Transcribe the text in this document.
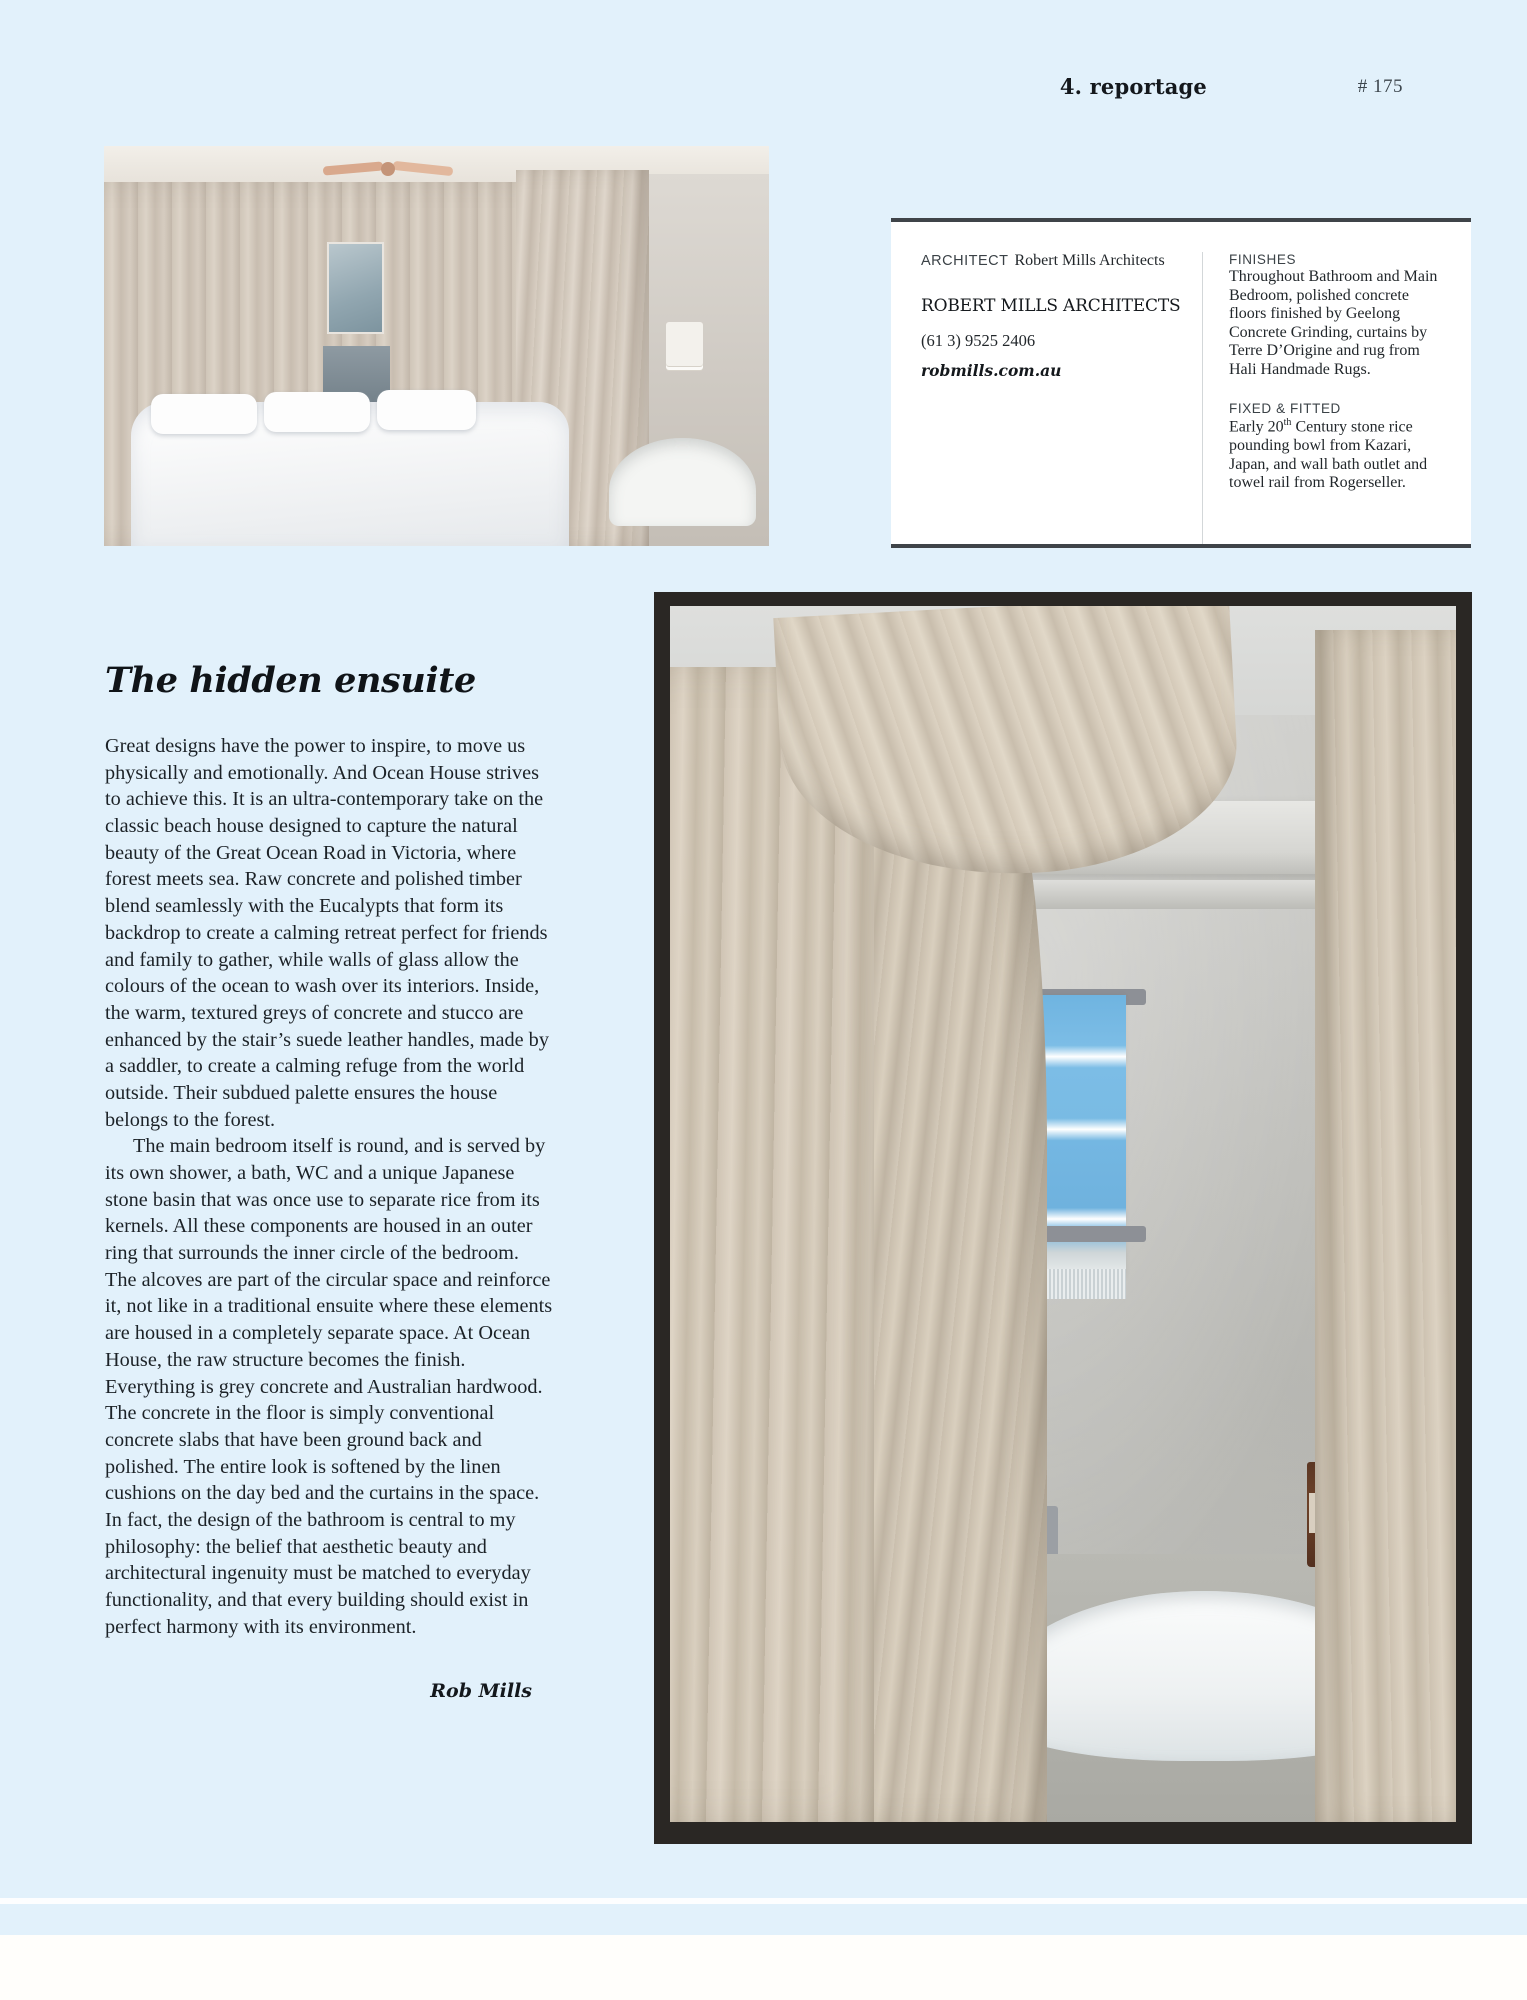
4. reportage	# 175
ARCHITECT Robert Mills Architects
ROBERT MILLS ARCHITECTS
(61 3) 9525 2406
robmills.com.au
FINISHES
Throughout Bathroom and Main Bedroom, polished concrete floors finished by Geelong Concrete Grinding, curtains by Terre D’Origine and rug from Hali Handmade Rugs.
FIXED & FITTED
Early 20th Century stone rice pounding bowl from Kazari, Japan, and wall bath outlet and towel rail from Rogerseller.
The hidden ensuite

Great designs have the power to inspire, to move us physically and emotionally. And Ocean House strives to achieve this. It is an ultra-contemporary take on the classic beach house designed to capture the natural beauty of the Great Ocean Road in Victoria, where forest meets sea. Raw concrete and polished timber blend seamlessly with the Eucalypts that form its backdrop to create a calming retreat perfect for friends and family to gather, while walls of glass allow the colours of the ocean to wash over its interiors. Inside, the warm, textured greys of concrete and stucco are enhanced by the stair’s suede leather handles, made by a saddler, to create a calming refuge from the world outside. Their subdued palette ensures the house belongs to the forest.

The main bedroom itself is round, and is served by its own shower, a bath, WC and a unique Japanese stone basin that was once use to separate rice from its kernels. All these components are housed in an outer ring that surrounds the inner circle of the bedroom. The alcoves are part of the circular space and reinforce it, not like in a traditional ensuite where these elements are housed in a completely separate space. At Ocean House, the raw structure becomes the finish. Everything is grey concrete and Australian hardwood. The concrete in the floor is simply conventional concrete slabs that have been ground back and polished. The entire look is softened by the linen cushions on the day bed and the curtains in the space. In fact, the design of the bathroom is central to my philosophy: the belief that aesthetic beauty and architectural ingenuity must be matched to everyday functionality, and that every building should exist in perfect harmony with its environment.

Rob Mills
